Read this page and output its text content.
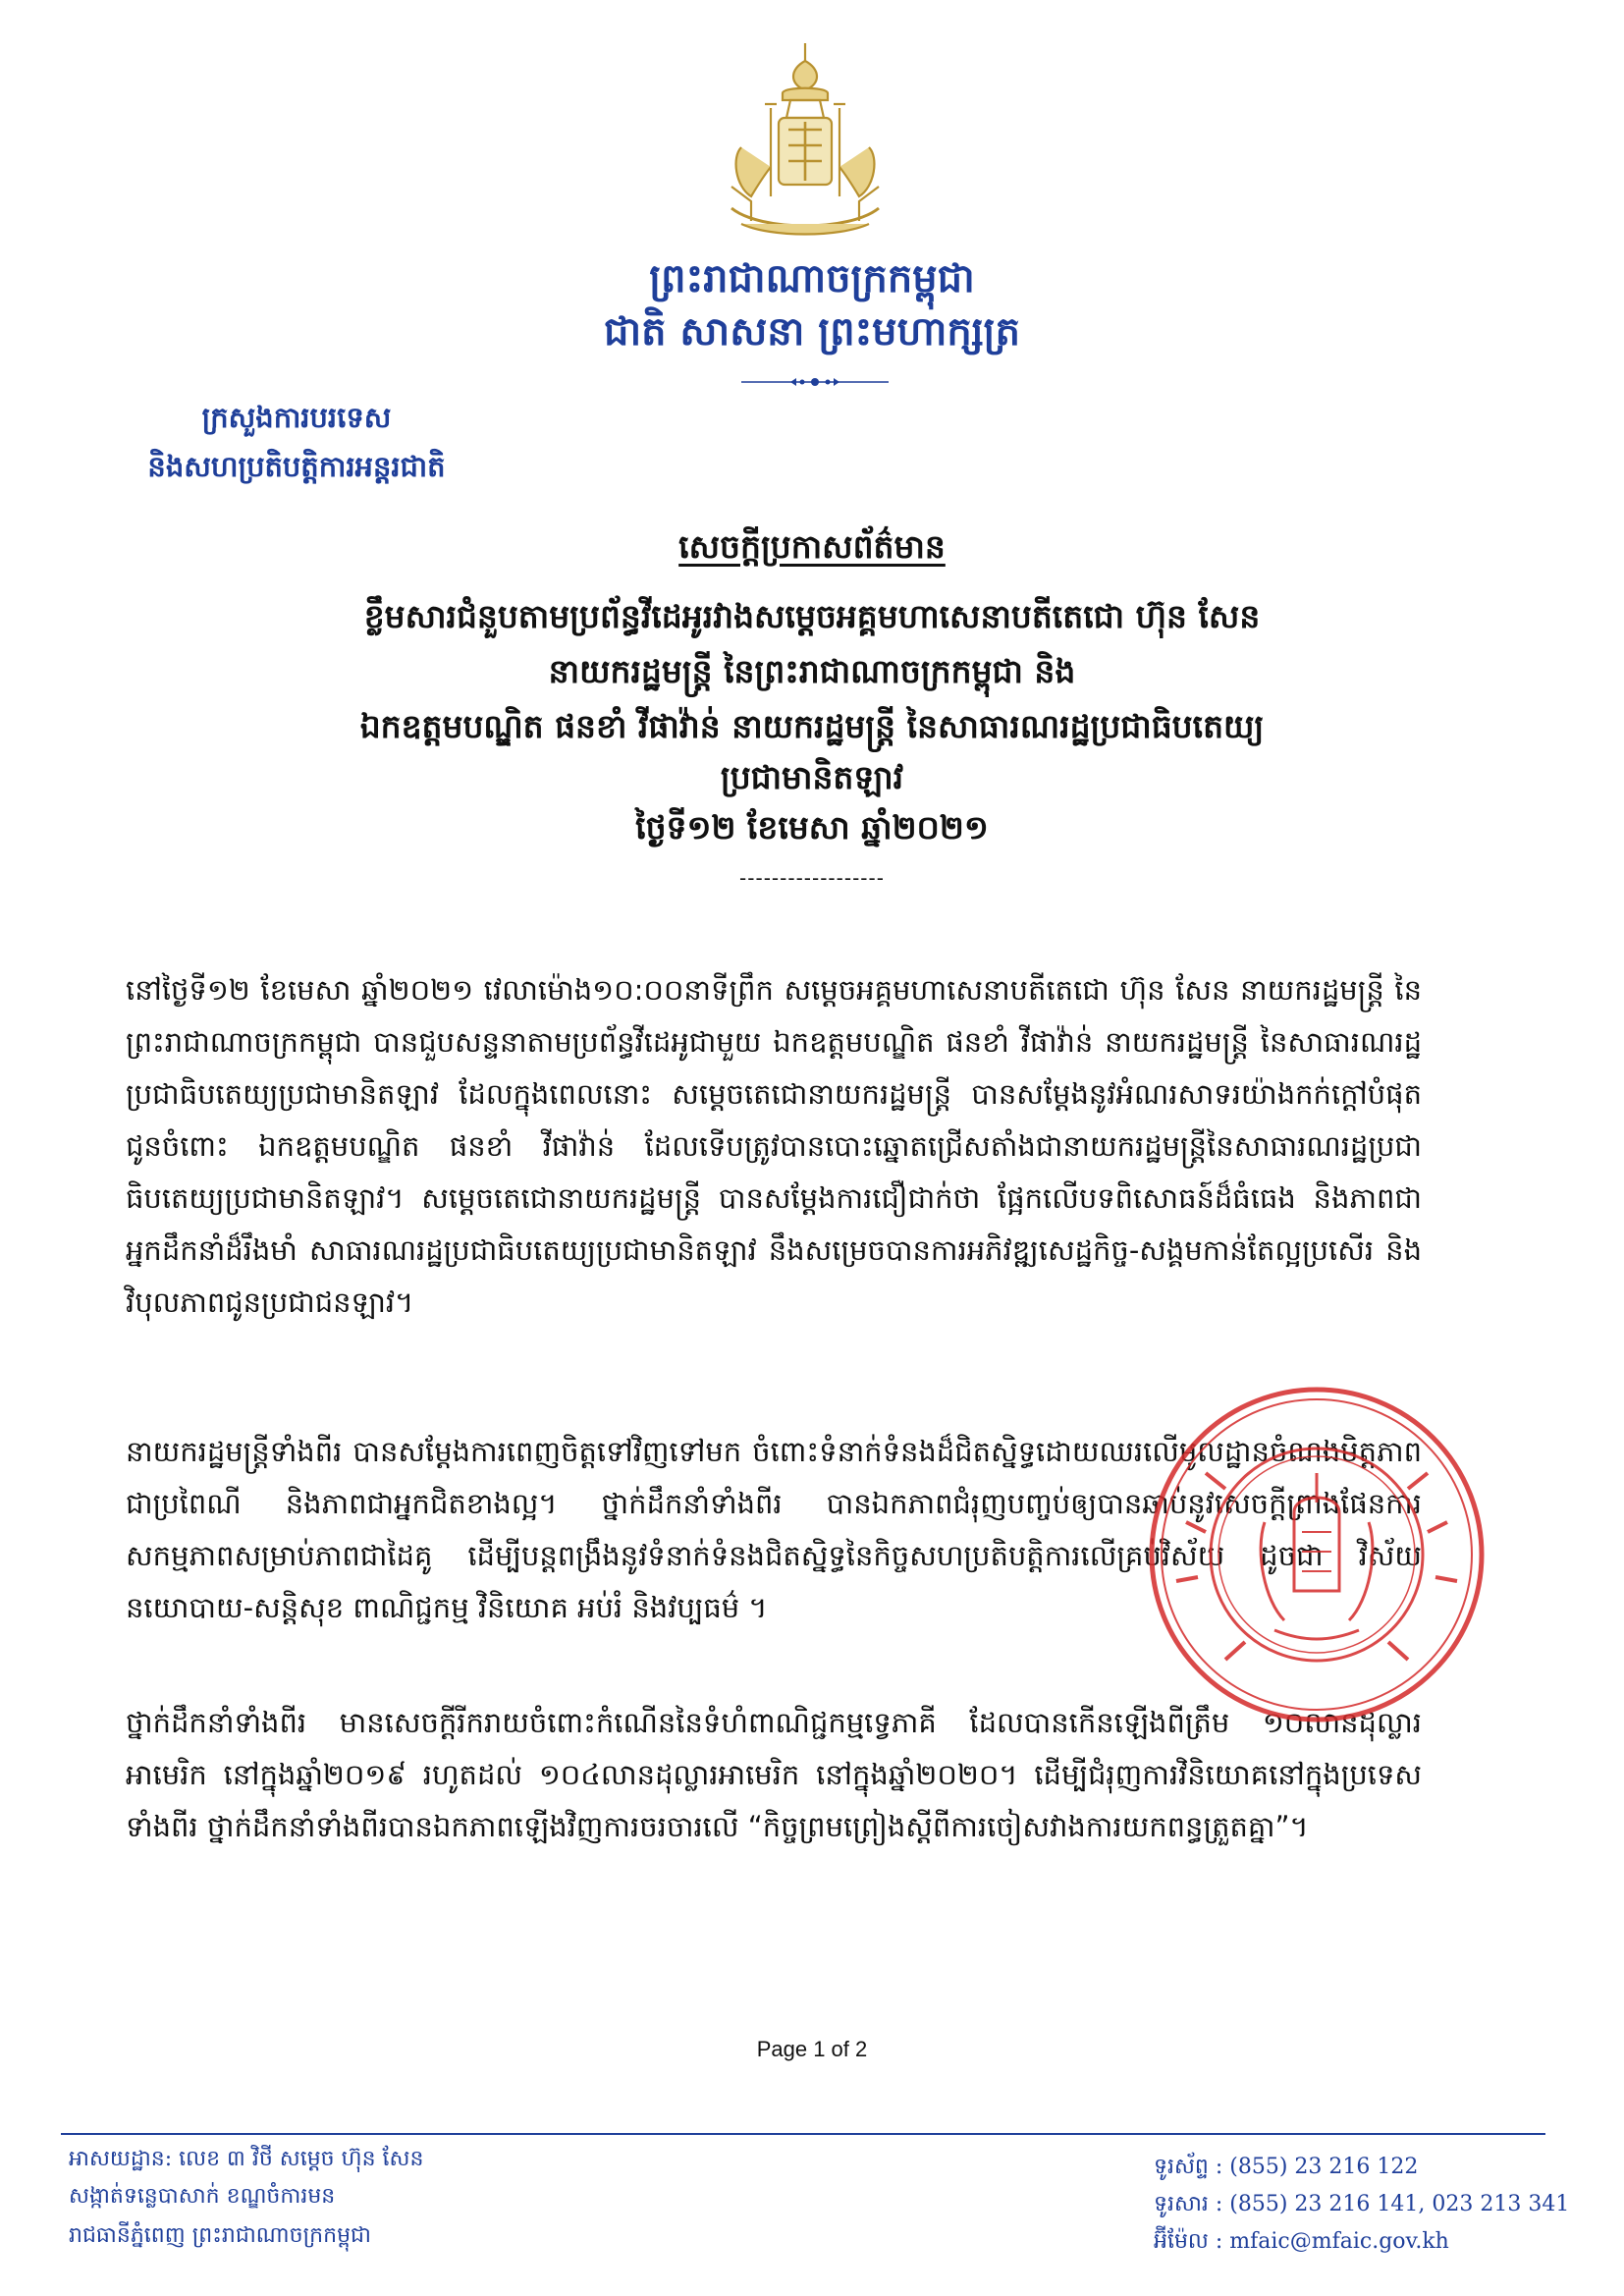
ព្រះរាជាណាចក្រកម្ពុជា
ជាតិ សាសនា ព្រះមហាក្សត្រ
ក្រសួងការបរទេស
និងសហប្រតិបត្តិការអន្តរជាតិ
សេចក្តីប្រកាសព័ត៌មាន
ខ្លឹមសារជំនួបតាមប្រព័ន្ធវីដេអូរវាងសម្តេចអគ្គមហាសេនាបតីតេជោ ហ៊ុន សែន
នាយករដ្ឋមន្ត្រី នៃព្រះរាជាណាចក្រកម្ពុជា និង
ឯកឧត្តមបណ្ឌិត ផនខាំ វីផាវ៉ាន់ នាយករដ្ឋមន្ត្រី នៃសាធារណរដ្ឋប្រជាធិបតេយ្យ
ប្រជាមានិតឡាវ
ថ្ងៃទី១២ ខែមេសា ឆ្នាំ២០២១
------------------
នៅថ្ងៃទី១២ ខែមេសា ឆ្នាំ២០២១ វេលាម៉ោង១០:០០នាទីព្រឹក សម្តេចអគ្គមហាសេនាបតីតេជោ ហ៊ុន សែន នាយករដ្ឋមន្ត្រី នៃព្រះរាជាណាចក្រកម្ពុជា បានជួបសន្ទនាតាមប្រព័ន្ធវីដេអូជាមួយ ឯកឧត្តមបណ្ឌិត ផនខាំ វីផាវ៉ាន់ នាយករដ្ឋមន្ត្រី នៃសាធារណរដ្ឋប្រជាធិបតេយ្យប្រជាមានិតឡាវ ដែលក្នុងពេលនោះ សម្តេចតេជោនាយករដ្ឋមន្ត្រី បានសម្តែងនូវអំណរសាទរយ៉ាងកក់ក្តៅបំផុត ជូនចំពោះ ឯកឧត្តមបណ្ឌិត ផនខាំ វីផាវ៉ាន់ ដែលទើបត្រូវបានបោះឆ្នោតជ្រើសតាំងជានាយករដ្ឋមន្ត្រីនៃសាធារណរដ្ឋប្រជាធិបតេយ្យប្រជាមានិតឡាវ។ សម្តេចតេជោនាយករដ្ឋមន្ត្រី បានសម្តែងការជឿជាក់ថា ផ្អែកលើបទពិសោធន៍ដ៏ធំធេង និងភាពជាអ្នកដឹកនាំដ៏រឹងមាំ សាធារណរដ្ឋប្រជាធិបតេយ្យប្រជាមានិតឡាវ នឹងសម្រេចបានការអភិវឌ្ឍសេដ្ឋកិច្ច-សង្គមកាន់តែល្អប្រសើរ និងវិបុលភាពជូនប្រជាជនឡាវ។
នាយករដ្ឋមន្ត្រីទាំងពីរ បានសម្តែងការពេញចិត្តទៅវិញទៅមក ចំពោះទំនាក់ទំនងដ៏ជិតស្និទ្ធដោយឈរលើមូលដ្ឋានចំណងមិត្តភាពជាប្រពៃណី និងភាពជាអ្នកជិតខាងល្អ។ ថ្នាក់ដឹកនាំទាំងពីរ បានឯកភាពជំរុញបញ្ចប់ឲ្យបានឆាប់នូវសេចក្តីព្រាងផែនការសកម្មភាពសម្រាប់ភាពជាដៃគូ ដើម្បីបន្តពង្រឹងនូវទំនាក់ទំនងជិតស្និទ្ធនៃកិច្ចសហប្រតិបត្តិការលើគ្រប់វិស័យ ដូចជា វិស័យនយោបាយ-សន្តិសុខ ពាណិជ្ជកម្ម វិនិយោគ អប់រំ និងវប្បធម៌ ។
ថ្នាក់ដឹកនាំទាំងពីរ មានសេចក្តីរីករាយចំពោះកំណើននៃទំហំពាណិជ្ជកម្មទ្វេភាគី ដែលបានកើនឡើងពីត្រឹម ១០លានដុល្លារអាមេរិក នៅក្នុងឆ្នាំ២០១៩ រហូតដល់ ១០៤លានដុល្លារអាមេរិក នៅក្នុងឆ្នាំ២០២០។ ដើម្បីជំរុញការវិនិយោគនៅក្នុងប្រទេសទាំងពីរ ថ្នាក់ដឹកនាំទាំងពីរបានឯកភាពឡើងវិញការចរចារលើ “កិច្ចព្រមព្រៀងស្តីពីការចៀសវាងការយកពន្ធត្រួតគ្នា”។
Page 1 of 2
អាសយដ្ឋាន: លេខ ៣ វិថី សម្តេច ហ៊ុន សែន
សង្កាត់ទន្លេបាសាក់ ខណ្ឌចំការមន
រាជធានីភ្នំពេញ ព្រះរាជាណាចក្រកម្ពុជា
ទូរស័ព្ទ : (855) 23 216 122
ទូរសារ : (855) 23 216 141, 023 213 341
អ៊ីម៉ែល : mfaic@mfaic.gov.kh
